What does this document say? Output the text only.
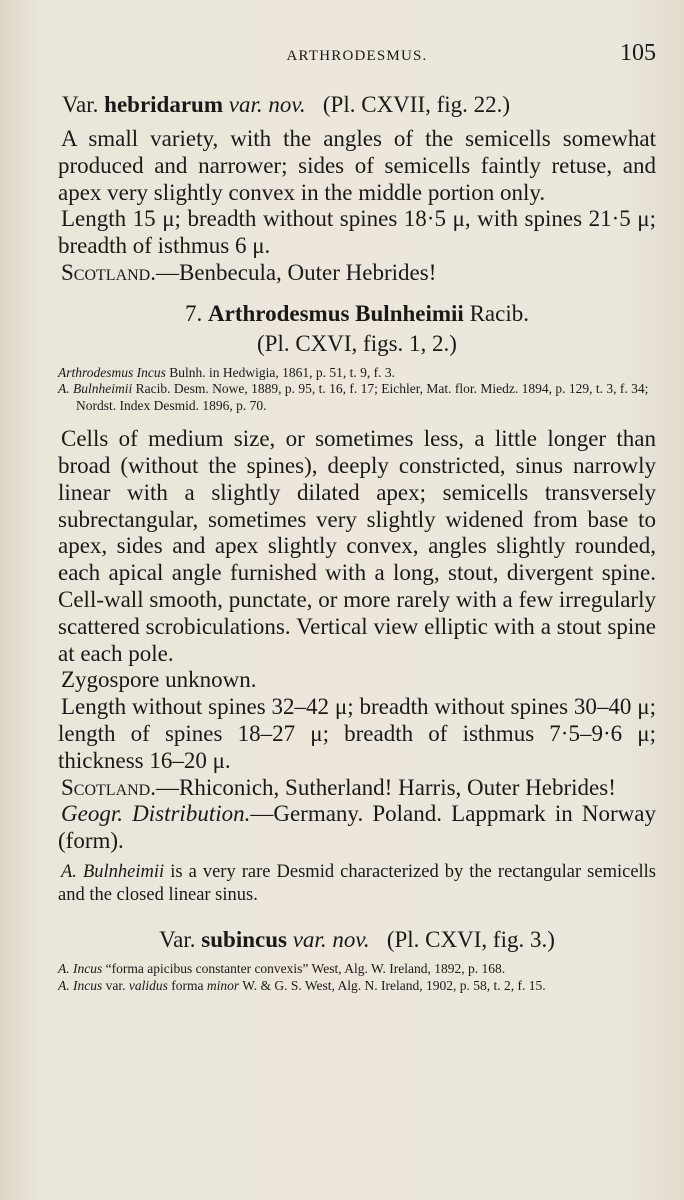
ARTHRODESMUS.	105
Var. hebridarum var. nov. (Pl. CXVII, fig. 22.)

A small variety, with the angles of the semicells somewhat produced and narrower; sides of semicells faintly retuse, and apex very slightly convex in the middle portion only.

Length 15 μ; breadth without spines 18·5 μ, with spines 21·5 μ; breadth of isthmus 6 μ.

Scotland.—Benbecula, Outer Hebrides!

7. Arthrodesmus Bulnheimii Racib.
(Pl. CXVI, figs. 1, 2.)

Arthrodesmus Incus Bulnh. in Hedwigia, 1861, p. 51, t. 9, f. 3.

A. Bulnheimii Racib. Desm. Nowe, 1889, p. 95, t. 16, f. 17; Eichler, Mat. flor. Miedz. 1894, p. 129, t. 3, f. 34; Nordst. Index Desmid. 1896, p. 70.

Cells of medium size, or sometimes less, a little longer than broad (without the spines), deeply constricted, sinus narrowly linear with a slightly dilated apex; semicells transversely subrectangular, sometimes very slightly widened from base to apex, sides and apex slightly convex, angles slightly rounded, each apical angle furnished with a long, stout, divergent spine. Cell-wall smooth, punctate, or more rarely with a few irregularly scattered scrobiculations. Vertical view elliptic with a stout spine at each pole.

Zygospore unknown.

Length without spines 32–42 μ; breadth without spines 30–40 μ; length of spines 18–27 μ; breadth of isthmus 7·5–9·6 μ; thickness 16–20 μ.

Scotland.—Rhiconich, Sutherland! Harris, Outer Hebrides!

Geogr. Distribution.—Germany. Poland. Lappmark in Norway (form).

A. Bulnheimii is a very rare Desmid characterized by the rectangular semicells and the closed linear sinus.

Var. subincus var. nov. (Pl. CXVI, fig. 3.)

A. Incus “forma apicibus constanter convexis” West, Alg. W. Ireland, 1892, p. 168.

A. Incus var. validus forma minor W. & G. S. West, Alg. N. Ireland, 1902, p. 58, t. 2, f. 15.
